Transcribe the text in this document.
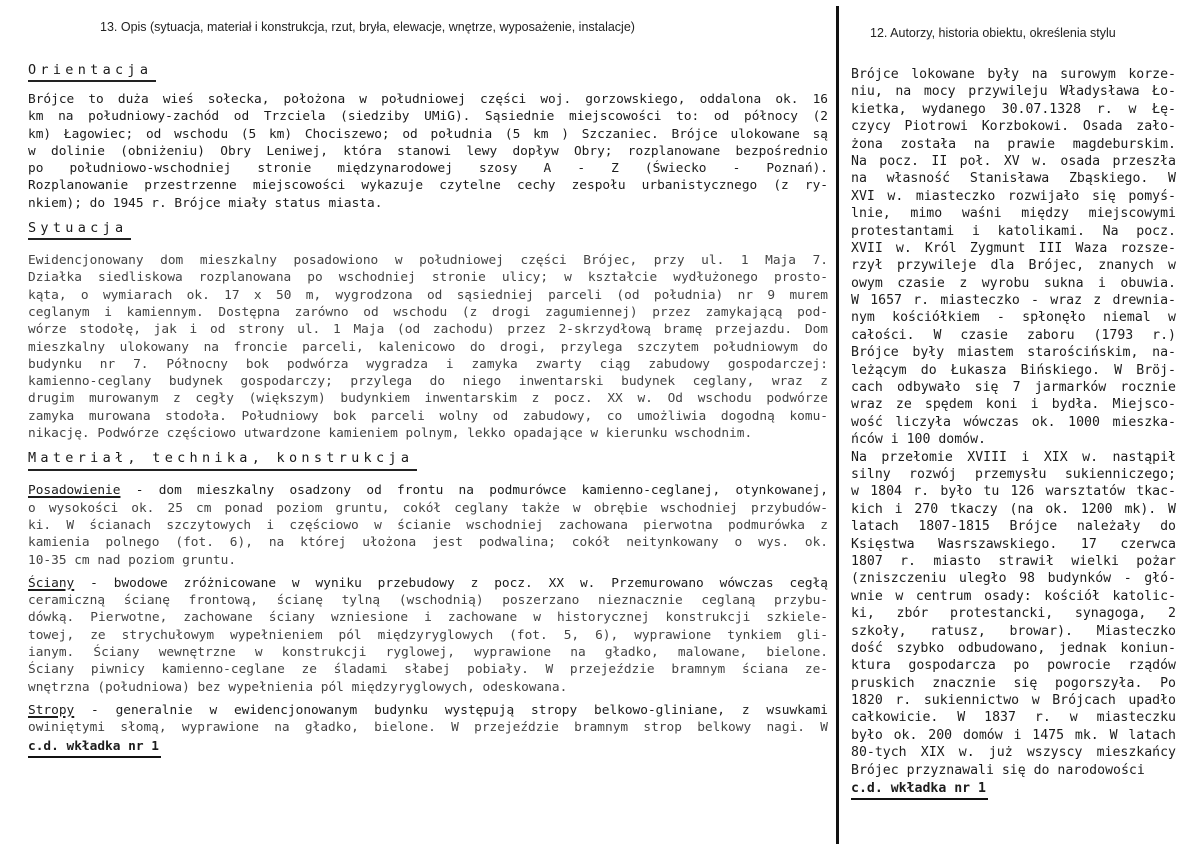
13. Opis (sytuacja, materiał i konstrukcja, rzut, bryła, elewacje, wnętrze, wyposażenie, instalacje)	12. Autorzy, historia obiektu, określenia stylu
Orientacja
Brójce to duża wieś sołecka, położona w południowej części woj. gorzowskiego, oddalona ok. 16
km na południowy-zachód od Trzciela (siedziby UMiG). Sąsiednie miejscowości to: od północy (2
km) Łagowiec; od wschodu (5 km) Chociszewo; od południa (5 km ) Szczaniec. Brójce ulokowane są
w dolinie (obniżeniu) Obry Leniwej, która stanowi lewy dopływ Obry; rozplanowane bezpośrednio
po południowo-wschodniej stronie międzynarodowej szosy A - Z (Świecko - Poznań).
Rozplanowanie przestrzenne miejscowości wykazuje czytelne cechy zespołu urbanistycznego (z ry-
nkiem); do 1945 r. Brójce miały status miasta.
Sytuacja
Ewidencjonowany dom mieszkalny posadowiono w południowej części Brójec, przy ul. 1 Maja 7.
Działka siedliskowa rozplanowana po wschodniej stronie ulicy; w kształcie wydłużonego prosto-
kąta, o wymiarach ok. 17 x 50 m, wygrodzona od sąsiedniej parceli (od południa) nr 9 murem
ceglanym i kamiennym. Dostępna zarówno od wschodu (z drogi zagumiennej) przez zamykającą pod-
wórze stodołę, jak i od strony ul. 1 Maja (od zachodu) przez 2-skrzydłową bramę przejazdu. Dom
mieszkalny ulokowany na froncie parceli, kalenicowo do drogi, przylega szczytem południowym do
budynku nr 7. Północny bok podwórza wygradza i zamyka zwarty ciąg zabudowy gospodarczej:
kamienno-ceglany budynek gospodarczy; przylega do niego inwentarski budynek ceglany, wraz z
drugim murowanym z cegły (większym) budynkiem inwentarskim z pocz. XX w. Od wschodu podwórze
zamyka murowana stodoła. Południowy bok parceli wolny od zabudowy, co umożliwia dogodną komu-
nikację. Podwórze częściowo utwardzone kamieniem polnym, lekko opadające w kierunku wschodnim.
Materiał, technika, konstrukcja
Posadowienie - dom mieszkalny osadzony od frontu na podmurówce kamienno-ceglanej, otynkowanej,
o wysokości ok. 25 cm ponad poziom gruntu, cokół ceglany także w obrębie wschodniej przybudów-
ki. W ścianach szczytowych i częściowo w ścianie wschodniej zachowana pierwotna podmurówka z
kamienia polnego (fot. 6), na której ułożona jest podwalina; cokół neitynkowany o wys. ok.
10-35 cm nad poziom gruntu.
Ściany - bwodowe zróżnicowane w wyniku przebudowy z pocz. XX w. Przemurowano wówczas cegłą
ceramiczną ścianę frontową, ścianę tylną (wschodnią) poszerzano nieznacznie ceglaną przybu-
dówką. Pierwotne, zachowane ściany wzniesione i zachowane w historycznej konstrukcji szkiele-
towej, ze strychułowym wypełnieniem pól międzyryglowych (fot. 5, 6), wyprawione tynkiem gli-
ianym. Ściany wewnętrzne w konstrukcji ryglowej, wyprawione na gładko, malowane, bielone.
Ściany piwnicy kamienno-ceglane ze śladami słabej pobiały. W przejeździe bramnym ściana ze-
wnętrzna (południowa) bez wypełnienia pól międzyryglowych, odeskowana.
Stropy - generalnie w ewidencjonowanym budynku występują stropy belkowo-gliniane, z wsuwkami
owiniętymi słomą, wyprawione na gładko, bielone. W przejeździe bramnym strop belkowy nagi. W
c.d. wkładka nr 1
Brójce lokowane były na surowym korze-
niu, na mocy przywileju Władysława Ło-
kietka, wydanego 30.07.1328 r. w Łę-
czycy Piotrowi Korzbokowi. Osada zało-
żona została na prawie magdeburskim.
Na pocz. II poł. XV w. osada przeszła
na własność Stanisława Zbąskiego. W
XVI w. miasteczko rozwijało się pomyś-
lnie, mimo waśni między miejscowymi
protestantami i katolikami. Na pocz.
XVII w. Król Zygmunt III Waza rozsze-
rzył przywileje dla Brójec, znanych w
owym czasie z wyrobu sukna i obuwia.
W 1657 r. miasteczko - wraz z drewnia-
nym kościółkiem - spłonęło niemal w
całości. W czasie zaboru (1793 r.)
Brójce były miastem starościńskim, na-
leżącym do Łukasza Bińskiego. W Bröj-
cach odbywało się 7 jarmarków rocznie
wraz ze spędem koni i bydła. Miejsco-
wość liczyła wówczas ok. 1000 mieszka-
ńców i 100 domów.
Na przełomie XVIII i XIX w. nastąpił
silny rozwój przemysłu sukienniczego;
w 1804 r. było tu 126 warsztatów tkac-
kich i 270 tkaczy (na ok. 1200 mk). W
latach 1807-1815 Brójce należały do
Księstwa Wasrszawskiego. 17 czerwca
1807 r. miasto strawił wielki pożar
(zniszczeniu uległo 98 budynków - głó-
wnie w centrum osady: kościół katolic-
ki, zbór protestancki, synagoga, 2
szkoły, ratusz, browar). Miasteczko
dość szybko odbudowano, jednak koniun-
ktura gospodarcza po powrocie rządów
pruskich znacznie się pogorszyła. Po
1820 r. sukiennictwo w Brójcach upadło
całkowicie. W 1837 r. w miasteczku
było ok. 200 domów i 1475 mk. W latach
80-tych XIX w. już wszyscy mieszkańcy
Brójec przyznawali się do narodowości
c.d. wkładka nr 1
